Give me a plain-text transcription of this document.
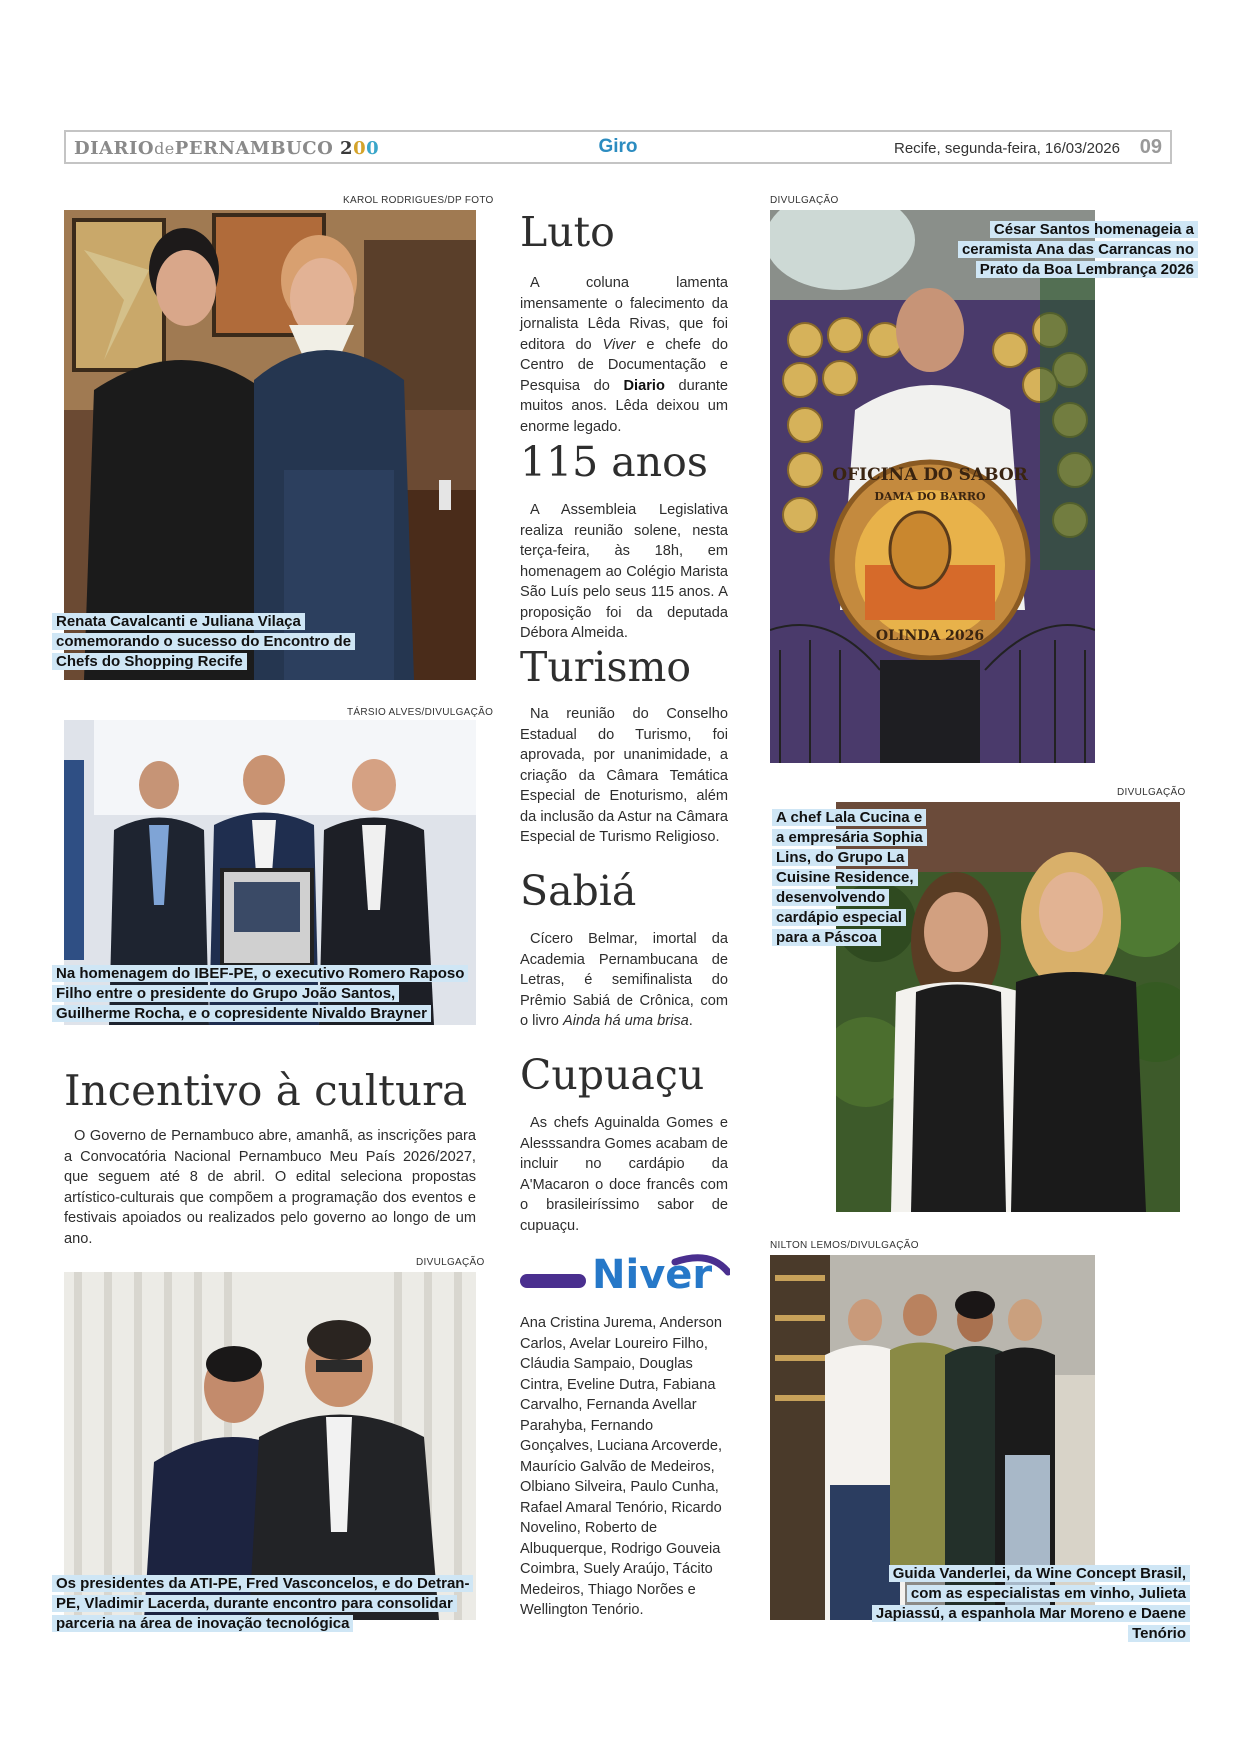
DIARIOdePERNAMBUCO 200	Giro	Recife, segunda-feira, 16/03/2026 09
KAROL RODRIGUES/DP FOTO
Renata Cavalcanti e Juliana Vilaça comemorando o sucesso do Encontro de Chefs do Shopping Recife
TÁRSIO ALVES/DIVULGAÇÃO
Na homenagem do IBEF-PE, o executivo Romero Raposo Filho entre o presidente do Grupo João Santos, Guilherme Rocha, e o copresidente Nivaldo Brayner
Incentivo à cultura
O Governo de Pernambuco abre, amanhã, as inscrições para a Convocatória Nacional Pernambuco Meu País 2026/2027, que seguem até 8 de abril. O edital seleciona propostas artístico-culturais que compõem a programação dos eventos e festivais apoiados ou realizados pelo governo ao longo de um ano.
DIVULGAÇÃO
Os presidentes da ATI-PE, Fred Vasconcelos, e do Detran-PE, Vladimir Lacerda, durante encontro para consolidar parceria na área de inovação tecnológica
Luto
A coluna lamenta imensamente o falecimento da jornalista Lêda Rivas, que foi editora do Viver e chefe do Centro de Documentação e Pesquisa do Diario durante muitos anos. Lêda deixou um enorme legado.
115 anos
A Assembleia Legislativa realiza reunião solene, nesta terça-feira, às 18h, em homenagem ao Colégio Marista São Luís pelo seus 115 anos. A proposição foi da deputada Débora Almeida.
Turismo
Na reunião do Conselho Estadual do Turismo, foi aprovada, por unanimidade, a criação da Câmara Temática Especial de Enoturismo, além da inclusão da Astur na Câmara Especial de Turismo Religioso.
Sabiá
Cícero Belmar, imortal da Academia Pernambucana de Letras, é semifinalista do Prêmio Sabiá de Crônica, com o livro Ainda há uma brisa.
Cupuaçu
As chefs Aguinalda Gomes e Alesssandra Gomes acabam de incluir no cardápio da A'Macaron o doce francês com o brasileiríssimo sabor de cupuaçu.
Niver
Ana Cristina Jurema, Anderson Carlos, Avelar Loureiro Filho, Cláudia Sampaio, Douglas Cintra, Eveline Dutra, Fabiana Carvalho, Fernanda Avellar Parahyba, Fernando Gonçalves, Luciana Arcoverde, Maurício Galvão de Medeiros, Olbiano Silveira, Paulo Cunha, Rafael Amaral Tenório, Ricardo Novelino, Roberto de Albuquerque, Rodrigo Gouveia Coimbra, Suely Araújo, Tácito Medeiros, Thiago Norões e Wellington Tenório.
DIVULGAÇÃO
OFICINA DO SABOR
DAMA DO BARRO
OLINDA 2026
César Santos homenageia a ceramista Ana das Carrancas no Prato da Boa Lembrança 2026
DIVULGAÇÃO
A chef Lala Cucina e a empresária Sophia Lins, do Grupo La Cuisine Residence, desenvolvendo cardápio especial para a Páscoa
NILTON LEMOS/DIVULGAÇÃO
Guida Vanderlei, da Wine Concept Brasil, com as especialistas em vinho, Julieta Japiassú, a espanhola Mar Moreno e Daene Tenório
